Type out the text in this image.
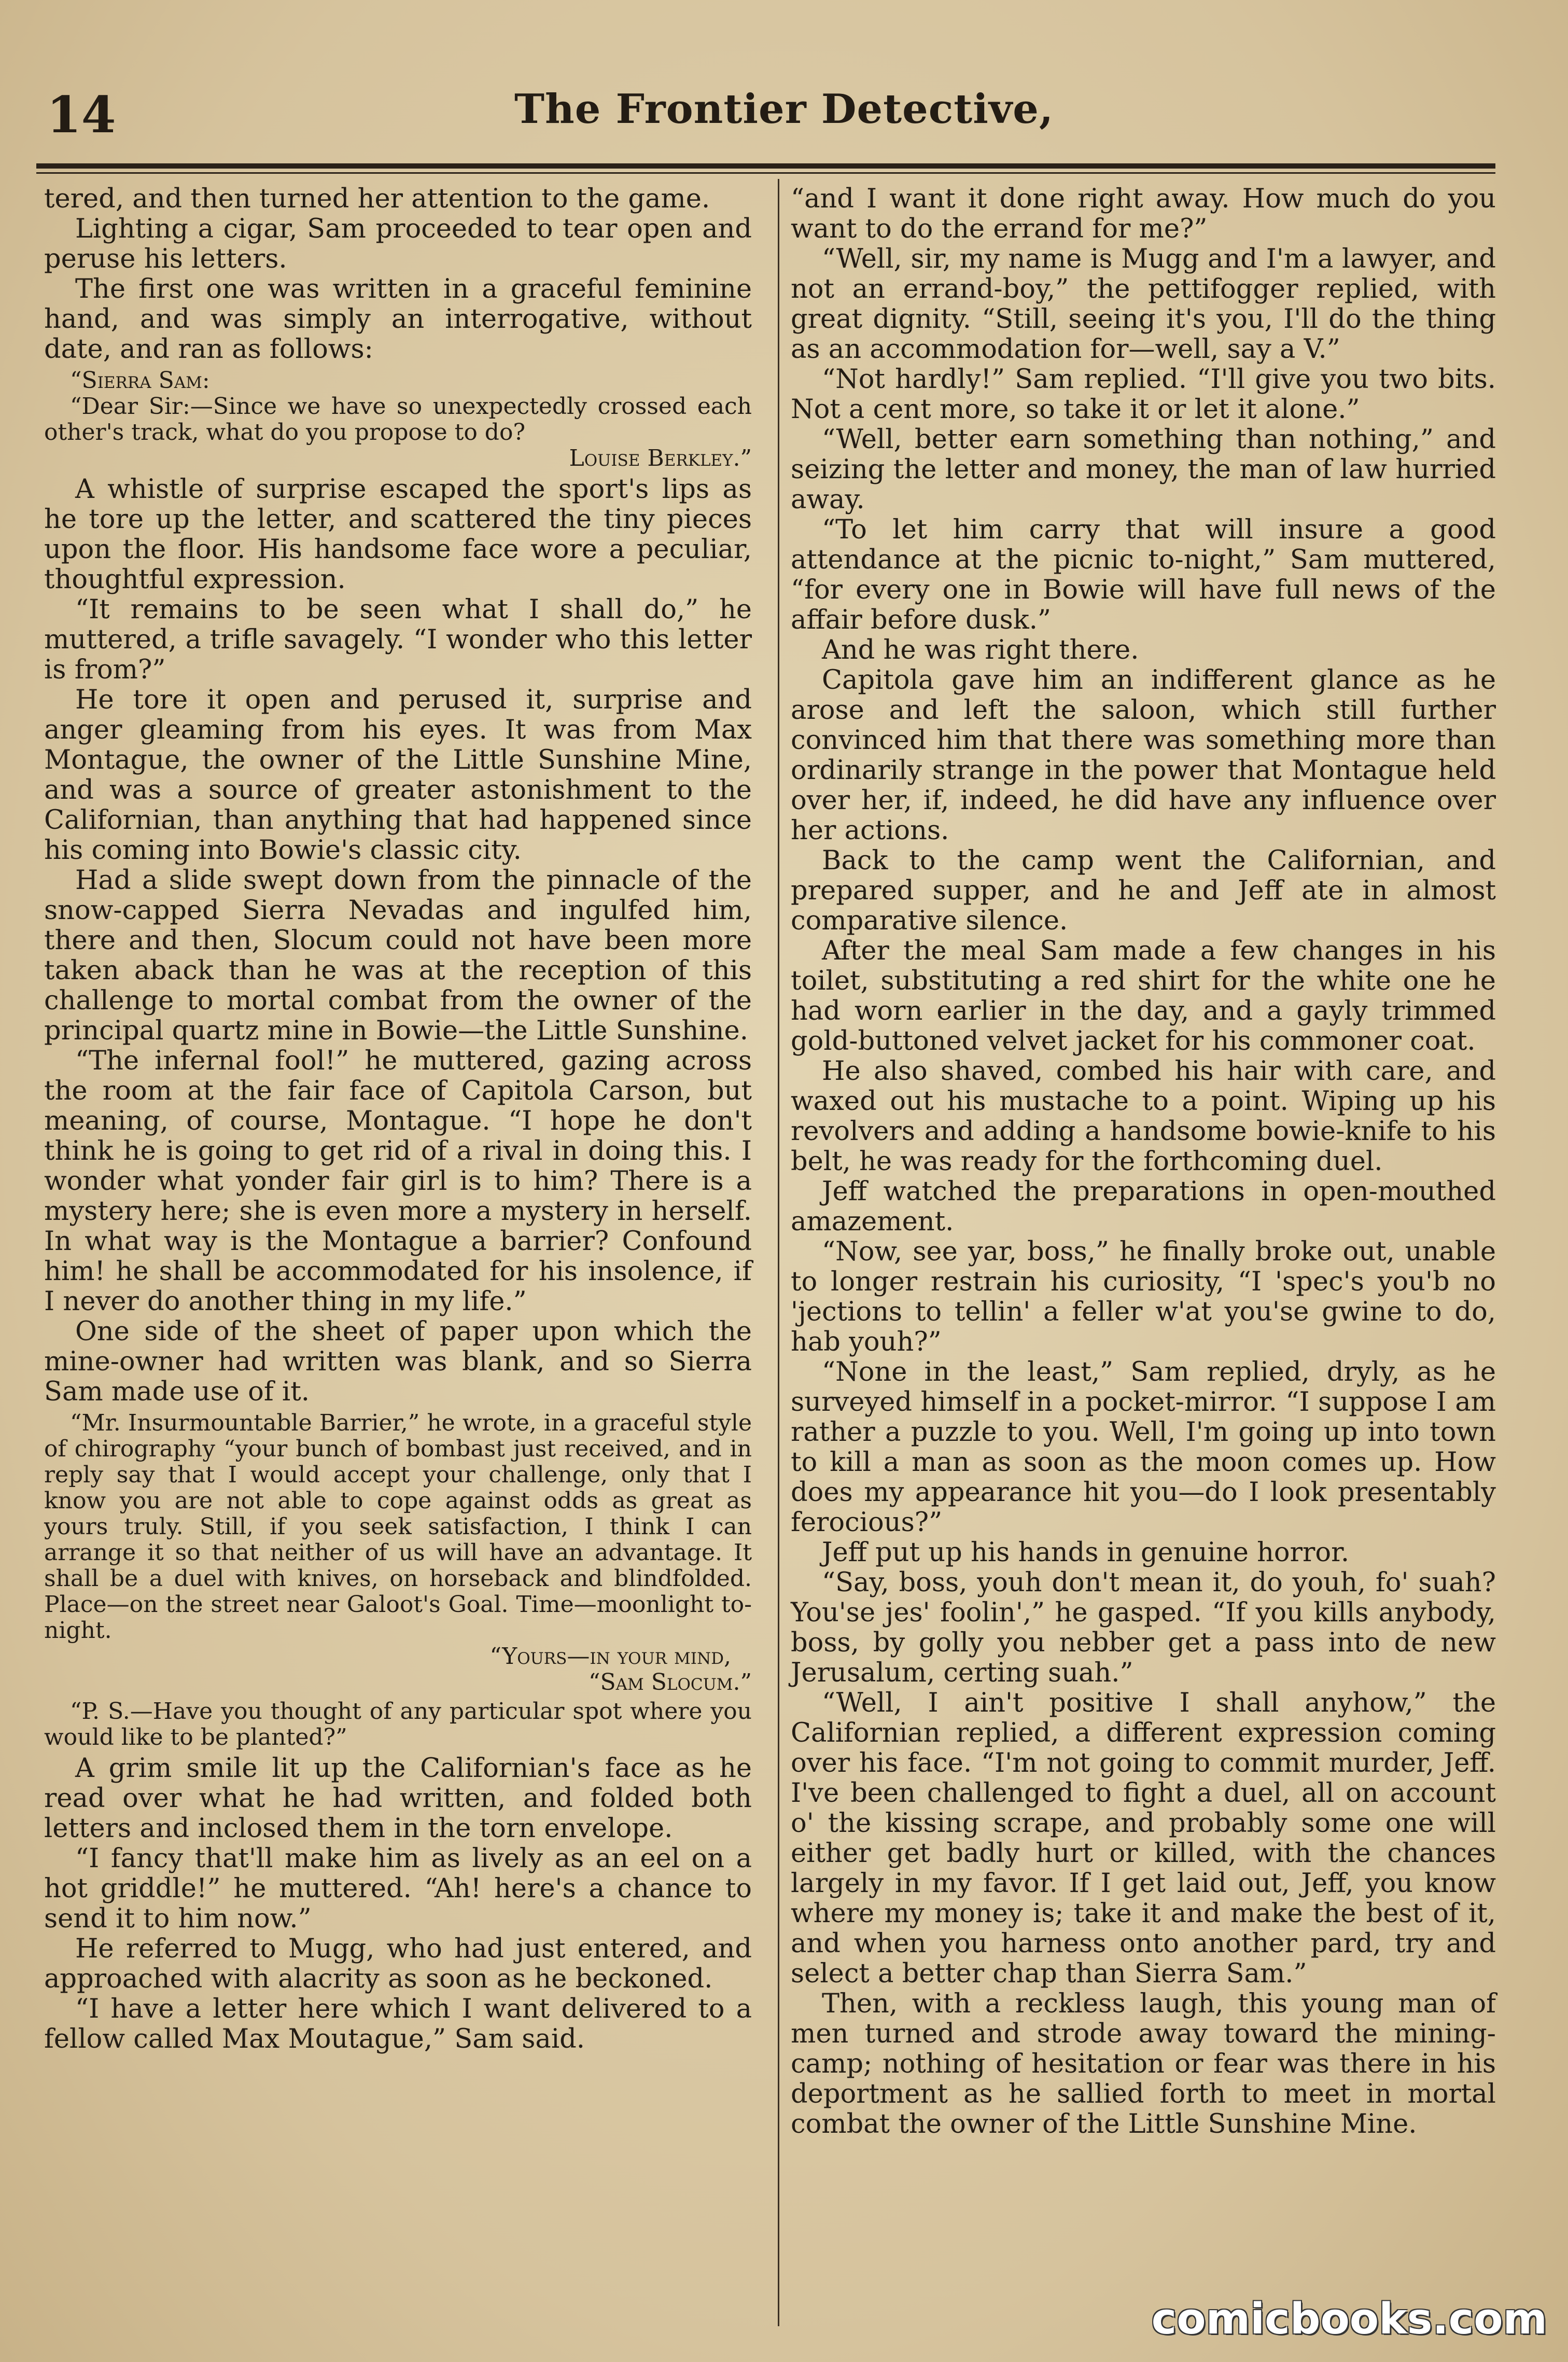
14	The Frontier Detective,

tered, and then turned her attention to the game.

Lighting a cigar, Sam proceeded to tear open and peruse his letters.

The first one was written in a graceful feminine hand, and was simply an interrogative, without date, and ran as follows:

“Sierra Sam:

“Dear Sir:—Since we have so unexpectedly crossed each other's track, what do you propose to do?

Louise Berkley.”

A whistle of surprise escaped the sport's lips as he tore up the letter, and scattered the tiny pieces upon the floor. His handsome face wore a peculiar, thoughtful expression.

“It remains to be seen what I shall do,” he muttered, a trifle savagely. “I wonder who this letter is from?”

He tore it open and perused it, surprise and anger gleaming from his eyes. It was from Max Montague, the owner of the Little Sunshine Mine, and was a source of greater astonishment to the Californian, than anything that had happened since his coming into Bowie's classic city.

Had a slide swept down from the pinnacle of the snow-capped Sierra Nevadas and ingulfed him, there and then, Slocum could not have been more taken aback than he was at the reception of this challenge to mortal combat from the owner of the principal quartz mine in Bowie—the Little Sunshine.

“The infernal fool!” he muttered, gazing across the room at the fair face of Capitola Carson, but meaning, of course, Montague. “I hope he don't think he is going to get rid of a rival in doing this. I wonder what yonder fair girl is to him? There is a mystery here; she is even more a mystery in herself. In what way is the Montague a barrier? Confound him! he shall be accommodated for his insolence, if I never do another thing in my life.”

One side of the sheet of paper upon which the mine-owner had written was blank, and so Sierra Sam made use of it.

“Mr. Insurmountable Barrier,” he wrote, in a graceful style of chirography “your bunch of bombast just received, and in reply say that I would accept your challenge, only that I know you are not able to cope against odds as great as yours truly. Still, if you seek satisfaction, I think I can arrange it so that neither of us will have an advantage. It shall be a duel with knives, on horseback and blindfolded. Place—on the street near Galoot's Goal. Time—moonlight to-night.

“Yours—in your mind,

“Sam Slocum.”

“P. S.—Have you thought of any particular spot where you would like to be planted?”

A grim smile lit up the Californian's face as he read over what he had written, and folded both letters and inclosed them in the torn envelope.

“I fancy that'll make him as lively as an eel on a hot griddle!” he muttered. “Ah! here's a chance to send it to him now.”

He referred to Mugg, who had just entered, and approached with alacrity as soon as he beckoned.

“I have a letter here which I want delivered to a fellow called Max Moutague,” Sam said.

“and I want it done right away. How much do you want to do the errand for me?”

“Well, sir, my name is Mugg and I'm a lawyer, and not an errand-boy,” the pettifogger replied, with great dignity. “Still, seeing it's you, I'll do the thing as an accommodation for—well, say a V.”

“Not hardly!” Sam replied. “I'll give you two bits. Not a cent more, so take it or let it alone.”

“Well, better earn something than nothing,” and seizing the letter and money, the man of law hurried away.

“To let him carry that will insure a good attendance at the picnic to-night,” Sam muttered, “for every one in Bowie will have full news of the affair before dusk.”

And he was right there.

Capitola gave him an indifferent glance as he arose and left the saloon, which still further convinced him that there was something more than ordinarily strange in the power that Montague held over her, if, indeed, he did have any influence over her actions.

Back to the camp went the Californian, and prepared supper, and he and Jeff ate in almost comparative silence.

After the meal Sam made a few changes in his toilet, substituting a red shirt for the white one he had worn earlier in the day, and a gayly trimmed gold-buttoned velvet jacket for his commoner coat.

He also shaved, combed his hair with care, and waxed out his mustache to a point. Wiping up his revolvers and adding a handsome bowie-knife to his belt, he was ready for the forthcoming duel.

Jeff watched the preparations in open-mouthed amazement.

“Now, see yar, boss,” he finally broke out, unable to longer restrain his curiosity, “I 'spec's you'b no 'jections to tellin' a feller w'at you'se gwine to do, hab youh?”

“None in the least,” Sam replied, dryly, as he surveyed himself in a pocket-mirror. “I suppose I am rather a puzzle to you. Well, I'm going up into town to kill a man as soon as the moon comes up. How does my appearance hit you—do I look presentably ferocious?”

Jeff put up his hands in genuine horror.

“Say, boss, youh don't mean it, do youh, fo' suah? You'se jes' foolin',” he gasped. “If you kills anybody, boss, by golly you nebber get a pass into de new Jerusalum, certing suah.”

“Well, I ain't positive I shall anyhow,” the Californian replied, a different expression coming over his face. “I'm not going to commit murder, Jeff. I've been challenged to fight a duel, all on account o' the kissing scrape, and probably some one will either get badly hurt or killed, with the chances largely in my favor. If I get laid out, Jeff, you know where my money is; take it and make the best of it, and when you harness onto another pard, try and select a better chap than Sierra Sam.”

Then, with a reckless laugh, this young man of men turned and strode away toward the mining-camp; nothing of hesitation or fear was there in his deportment as he sallied forth to meet in mortal combat the owner of the Little Sunshine Mine.

comicbooks.com
